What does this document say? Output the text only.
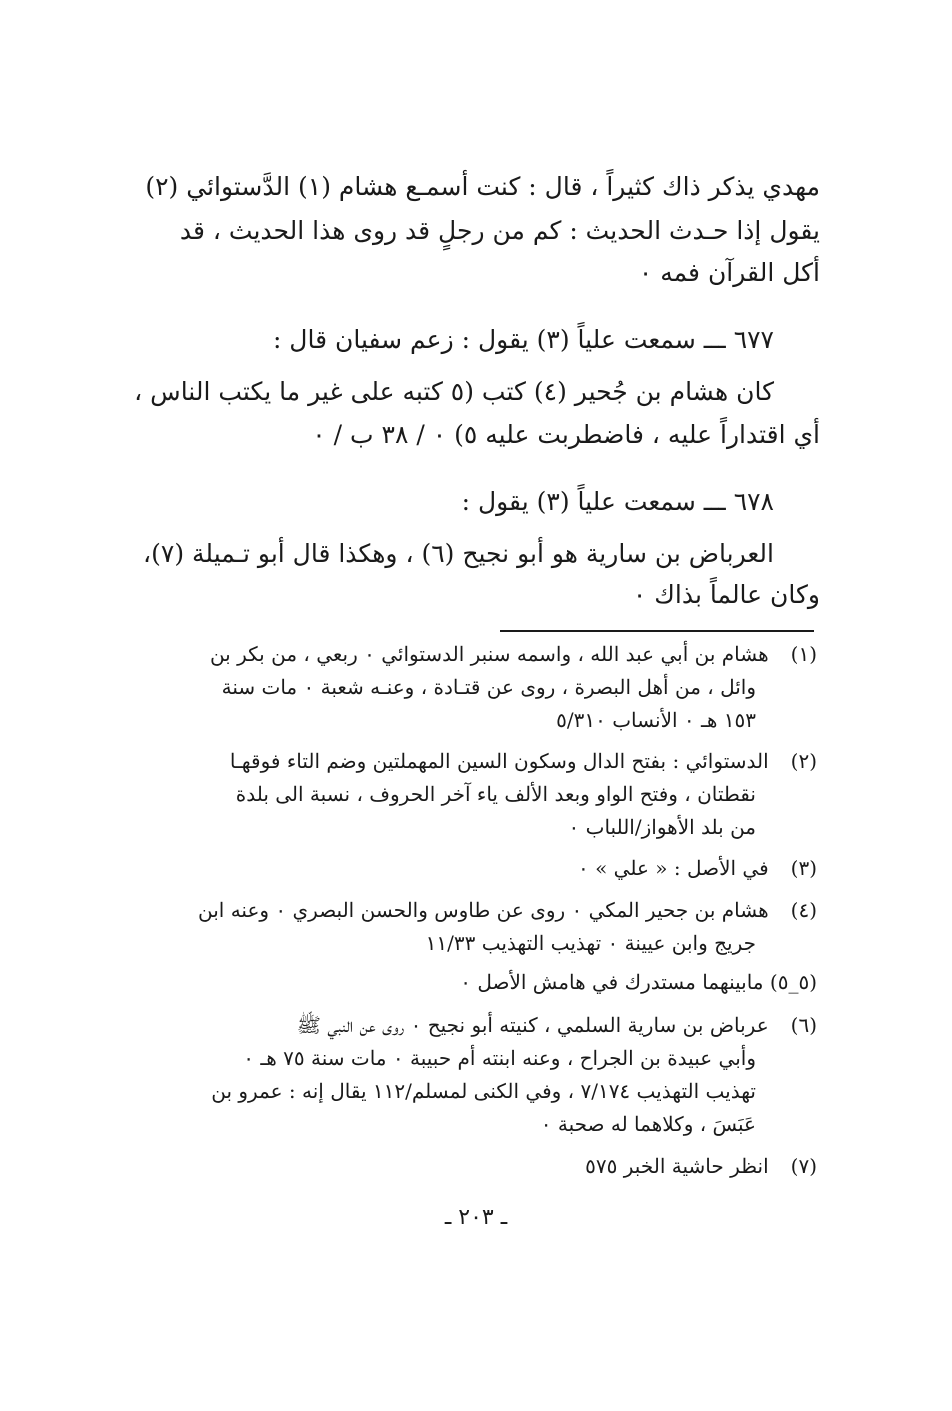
مهدي يذكر ذاك كثيراً ، قال : كنت أسمـع هشام (١) الدَّستوائي (٢)
يقول إذا حـدث الحديث : كم من رجلٍ قد روى هذا الحديث ، قد
أكل القرآن فمه ٠
٦٧٧ ـــ سمعت علياً (٣) يقول : زعم سفيان قال :
كان هشام بن جُحير (٤) كتب (٥ كتبه على غير ما يكتب الناس ،
أي اقتداراً عليه ، فاضطربت عليه ٥) ٠ / ٣٨ ب / ٠
٦٧٨ ـــ سمعت علياً (٣) يقول :
العرباض بن سارية هو أبو نجيح (٦) ، وهكذا قال أبو تـميلة (٧)،
وكان عالماً بذاك ٠
(١) هشام بن أبي عبد الله ، واسمه سنبر الدستوائي ٠ ربعي ، من بكر بن
وائل ، من أهل البصرة ، روى عن قتـادة ، وعنـه شعبة ٠ مات سنة
١٥٣ هـ ٠ الأنساب ٥/٣١٠
(٢) الدستوائي : بفتح الدال وسكون السين المهملتين وضم التاء فوقهـا
نقطتان ، وفتح الواو وبعد الألف ياء آخر الحروف ، نسبة الى بلدة
من بلد الأهواز/اللباب ٠
(٣) في الأصل : « علي » ٠
(٤) هشام بن جحير المكي ٠ روى عن طاوس والحسن البصري ٠ وعنه ابن
جريج وابن عيينة ٠ تهذيب التهذيب ١١/٣٣
(٥_٥) مابينهما مستدرك في هامش الأصل ٠
(٦) عرباض بن سارية السلمي ، كنيته أبو نجيح ٠ روى عن النبي ﷺ
وأبي عبيدة بن الجراح ، وعنه ابنته أم حبيبة ٠ مات سنة ٧٥ هـ ٠
تهذيب التهذيب ٧/١٧٤ ، وفي الكنى لمسلم/١١٢ يقال إنه : عمرو بن
عَبَسَ ، وكلاهما له صحبة ٠
(٧) انظر حاشية الخبر ٥٧٥
ـ ٢٠٣ ـ
